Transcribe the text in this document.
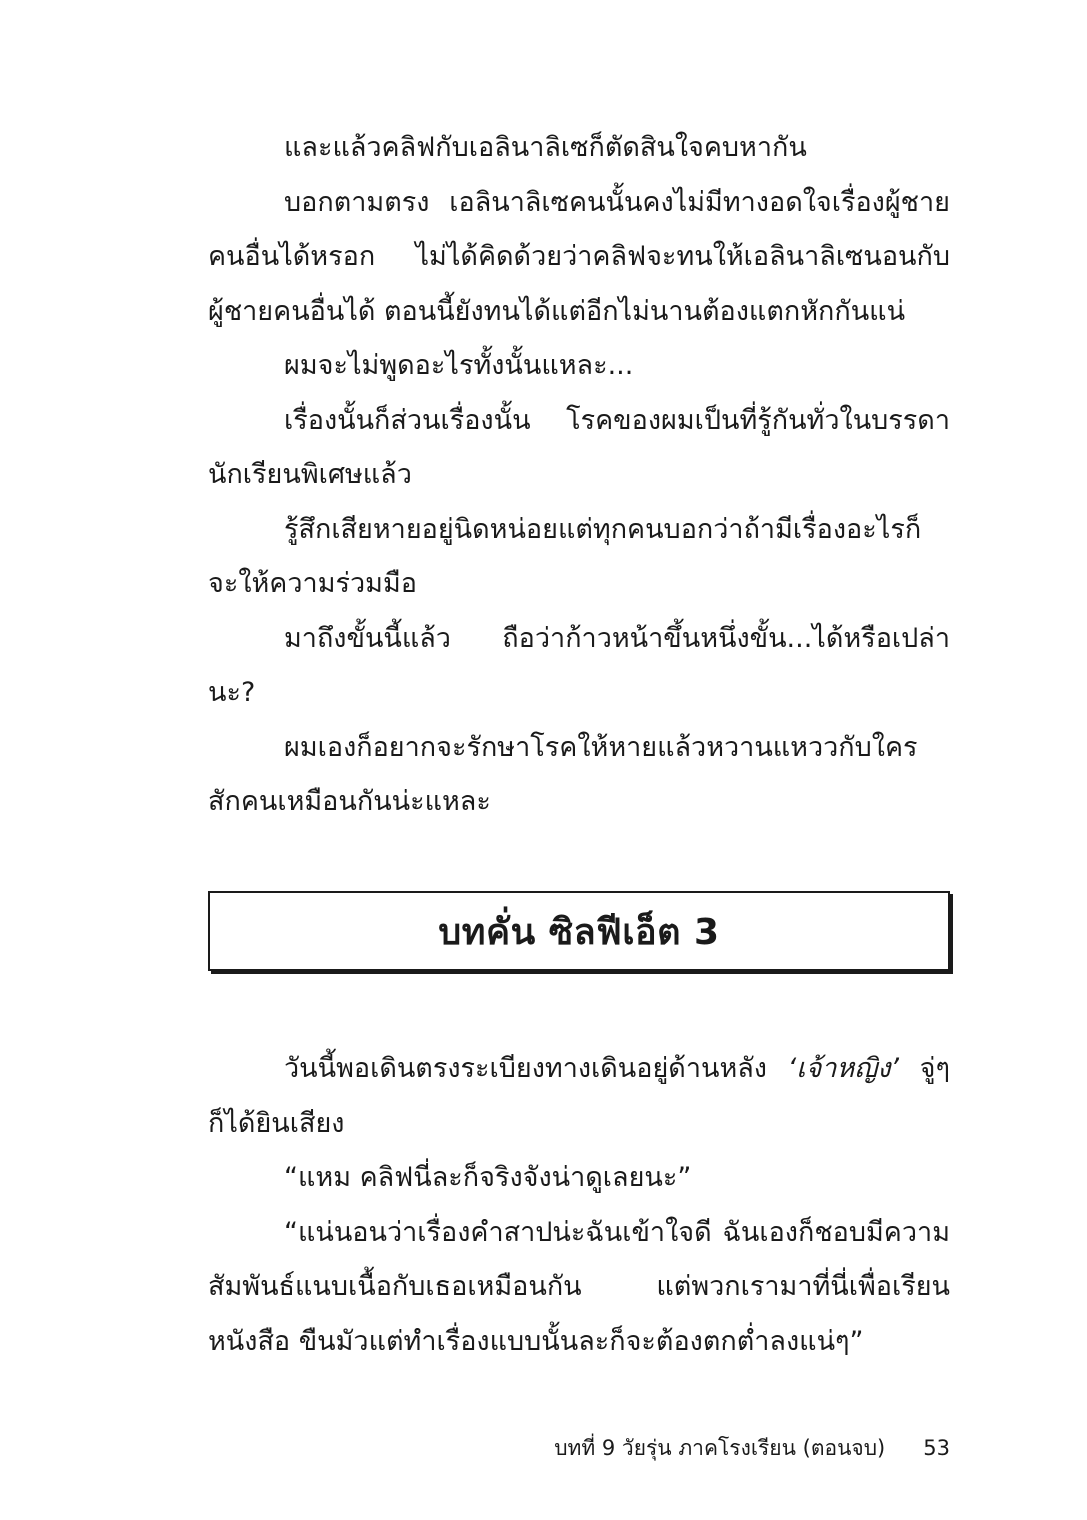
และแล้วคลิฟกับเอลินาลิเซก็ตัดสินใจคบหากัน

บอกตามตรง เอลินาลิเซคนนั้นคงไม่มีทางอดใจเรื่องผู้ชายคนอื่นได้หรอก ไม่ได้คิดด้วยว่าคลิฟจะทนให้เอลินาลิเซนอนกับผู้ชายคนอื่นได้ ตอนนี้ยังทนได้แต่อีกไม่นานต้องแตกหักกันแน่

ผมจะไม่พูดอะไรทั้งนั้นแหละ...

เรื่องนั้นก็ส่วนเรื่องนั้น โรคของผมเป็นที่รู้กันทั่วในบรรดานักเรียนพิเศษแล้ว

รู้สึกเสียหายอยู่นิดหน่อยแต่ทุกคนบอกว่าถ้ามีเรื่องอะไรก็จะให้ความร่วมมือ

มาถึงขั้นนี้แล้ว ถือว่าก้าวหน้าขึ้นหนึ่งขั้น...ได้หรือเปล่านะ?

ผมเองก็อยากจะรักษาโรคให้หายแล้วหวานแหววกับใครสักคนเหมือนกันน่ะแหละ

บทคั่น ซิลฟีเอ็ต 3

วันนี้พอเดินตรงระเบียงทางเดินอยู่ด้านหลัง ‘เจ้าหญิง’ จู่ๆ ก็ได้ยินเสียง

“แหม คลิฟนี่ละก็จริงจังน่าดูเลยนะ”

“แน่นอนว่าเรื่องคำสาปน่ะฉันเข้าใจดี ฉันเองก็ชอบมีความสัมพันธ์แนบเนื้อกับเธอเหมือนกัน แต่พวกเรามาที่นี่เพื่อเรียนหนังสือ ขืนมัวแต่ทำเรื่องแบบนั้นละก็จะต้องตกต่ำลงแน่ๆ”

บทที่ 9 วัยรุ่น ภาคโรงเรียน (ตอนจบ) 53
